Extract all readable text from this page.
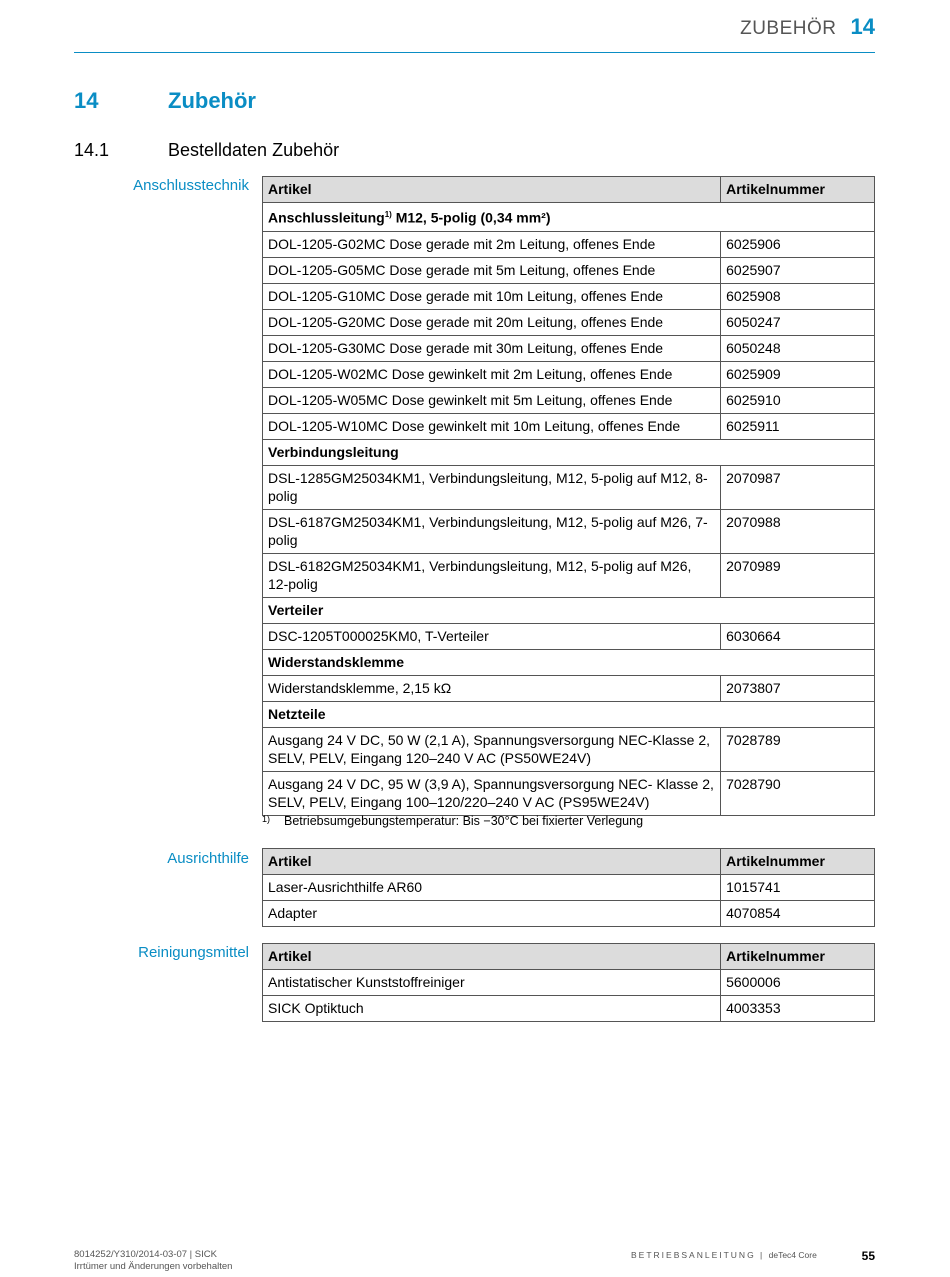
ZUBEHÖR 14
14	Zubehör
14.1	Bestelldaten Zubehör
Anschlusstechnik Artikel	Artikelnummer
Anschlussleitung$^{1)}$ M12, 5-polig (0,34 mm²)	
DOL-1205-G02MC Dose gerade mit 2m Leitung, offenes Ende	6025906
DOL-1205-G05MC Dose gerade mit 5m Leitung, offenes Ende	6025907
DOL-1205-G10MC Dose gerade mit 10m Leitung, offenes Ende	6025908
DOL-1205-G20MC Dose gerade mit 20m Leitung, offenes Ende	6050247
DOL-1205-G30MC Dose gerade mit 30m Leitung, offenes Ende	6050248
DOL-1205-W02MC Dose gewinkelt mit 2m Leitung, offenes Ende	6025909
DOL-1205-W05MC Dose gewinkelt mit 5m Leitung, offenes Ende	6025910
DOL-1205-W10MC Dose gewinkelt mit 10m Leitung, offenes Ende	6025911
Verbindungsleitung	
DSL-1285GM25034KM1, Verbindungsleitung, M12, 5-polig auf M12, 8-polig	2070987
DSL-6187GM25034KM1, Verbindungsleitung, M12, 5-polig auf M26, 7-polig	2070988
DSL-6182GM25034KM1, Verbindungsleitung, M12, 5-polig auf M26, 12-polig	2070989
Verteiler	
DSC-1205T000025KM0, T-Verteiler	6030664
Widerstandsklemme	
Widerstandsklemme, 2,15 kΩ	2073807
Netzteile	
Ausgang 24 V DC, 50 W (2,1 A), Spannungsversorgung NEC-Klasse 2, SELV, PELV, Eingang 120–240 V AC (PS50WE24V)	7028789
Ausgang 24 V DC, 95 W (3,9 A), Spannungsversorgung NEC- Klasse 2, SELV, PELV, Eingang 100–120/220–240 V AC (PS95WE24V)	7028790
1) Betriebsumgebungstemperatur: Bis −30°C bei fixierter Verlegung
Ausrichthilfe Artikel	Artikelnummer
Laser-Ausrichthilfe AR60	1015741
Adapter	4070854
Reinigungsmittel Artikel	Artikelnummer
Antistatischer Kunststoffreiniger	5600006
SICK Optiktuch	4003353
8014252/Y310/2014-03-07 | SICK
Irrtümer und Änderungen vorbehalten
BETRIEBSANLEITUNG | deTec4 Core	55
